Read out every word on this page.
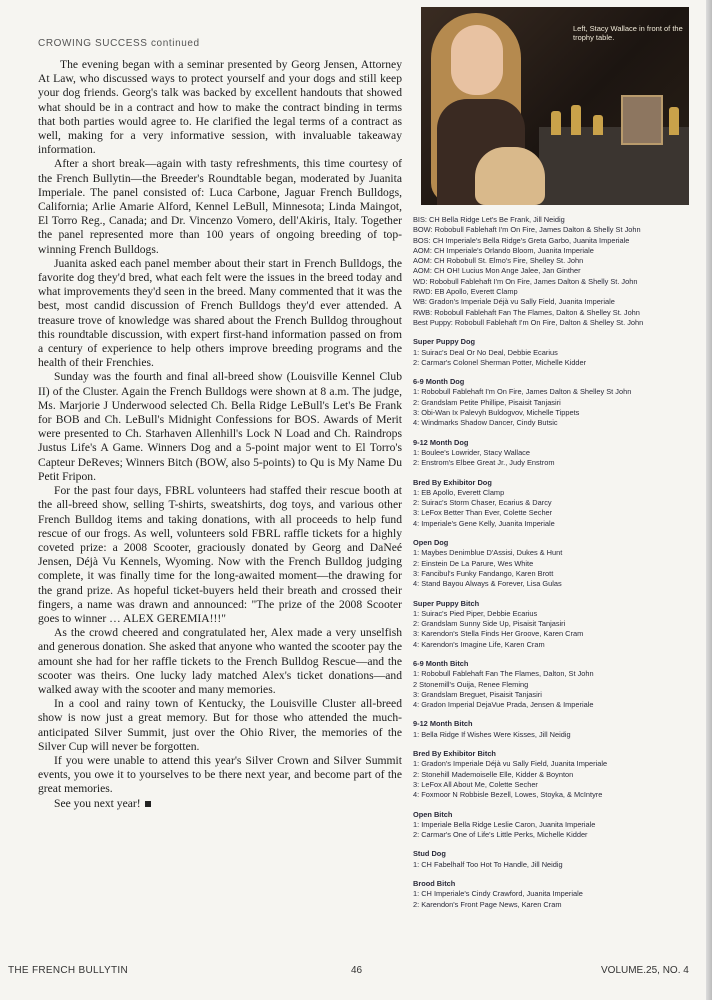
CROWING SUCCESS continued

The evening began with a seminar presented by Georg Jensen, Attorney At Law, who discussed ways to protect yourself and your dogs and still keep your dog friends. Georg's talk was backed by excellent handouts that showed what should be in a contract and how to make the contract binding in terms that both parties would agree to. He clarified the legal terms of a contract as well, making for a very informative session, with invaluable takeaway information.

After a short break—again with tasty refreshments, this time courtesy of the French Bullytin—the Breeder's Roundtable began, moderated by Juanita Imperiale. The panel consisted of: Luca Carbone, Jaguar French Bulldogs, California; Arlie Amarie Alford, Kennel LeBull, Minnesota; Linda Maingot, El Torro Reg., Canada; and Dr. Vincenzo Vomero, dell'Akiris, Italy. Together the panel represented more than 100 years of ongoing breeding of top-winning French Bulldogs.

Juanita asked each panel member about their start in French Bulldogs, the favorite dog they'd bred, what each felt were the issues in the breed today and what improvements they'd seen in the breed. Many commented that it was the best, most candid discussion of French Bulldogs they'd ever attended. A treasure trove of knowledge was shared about the French Bulldog throughout this roundtable discussion, with expert first-hand information passed on from a century of experience to help others improve breeding programs and the health of their Frenchies.

Sunday was the fourth and final all-breed show (Louisville Kennel Club II) of the Cluster. Again the French Bulldogs were shown at 8 a.m. The judge, Ms. Marjorie J Underwood selected Ch. Bella Ridge LeBull's Let's Be Frank for BOB and Ch. LeBull's Midnight Confessions for BOS. Awards of Merit were presented to Ch. Starhaven Allenhill's Lock N Load and Ch. Raindrops Justus Life's A Game. Winners Dog and a 5-point major went to El Torro's Capteur DeReves; Winners Bitch (BOW, also 5-points) to Qu is My Name Du Petit Fripon.

For the past four days, FBRL volunteers had staffed their rescue booth at the all-breed show, selling T-shirts, sweatshirts, dog toys, and various other French Bulldog items and taking donations, with all proceeds to help fund rescue of our frogs. As well, volunteers sold FBRL raffle tickets for a highly coveted prize: a 2008 Scooter, graciously donated by Georg and DaNeé Jensen, Déjà Vu Kennels, Wyoming. Now with the French Bulldog judging complete, it was finally time for the long-awaited moment—the drawing for the grand prize. As hopeful ticket-buyers held their breath and crossed their fingers, a name was drawn and announced: "The prize of the 2008 Scooter goes to winner … ALEX GEREMIA!!!"

As the crowd cheered and congratulated her, Alex made a very unselfish and generous donation. She asked that anyone who wanted the scooter pay the amount she had for her raffle tickets to the French Bulldog Rescue—and the scooter was theirs. One lucky lady matched Alex's ticket donations—and walked away with the scooter and many memories.

In a cool and rainy town of Kentucky, the Louisville Cluster all-breed show is now just a great memory. But for those who attended the much-anticipated Silver Summit, just over the Ohio River, the memories of the Silver Cup will never be forgotten.

If you were unable to attend this year's Silver Crown and Silver Summit events, you owe it to yourselves to be there next year, and become part of the great memories.

See you next year!

Left, Stacy Wallace in front of the trophy table.
BIS: CH Bella Ridge Let's Be Frank, Jill Neidig
BOW: Robobull Fablehaft I'm On Fire, James Dalton & Shelly St John
BOS: CH Imperiale's Bella Ridge's Greta Garbo, Juanita Imperiale
AOM: CH Imperiale's Orlando Bloom, Juanita Imperiale
AOM: CH Robobull St. Elmo's Fire, Shelley St. John
AOM: CH OH! Lucius Mon Ange Jalee, Jan Ginther
WD: Robobull Fablehaft I'm On Fire, James Dalton & Shelly St. John
RWD: EB Apollo, Everett Clamp
WB: Gradon's Imperiale Déjà vu Sally Field, Juanita Imperiale
RWB: Robobull Fablehaft Fan The Flames, Dalton & Shelley St. John
Best Puppy: Robobull Fablehaft I'm On Fire, Dalton & Shelley St. John
Super Puppy Dog
1: Suirac's Deal Or No Deal, Debbie Ecarius
2: Carmar's Colonel Sherman Potter, Michelle Kidder
6-9 Month Dog
1: Robobull Fablehaft I'm On Fire, James Dalton & Shelley St John
2: Grandslam Petite Phillipe, Pisaisit Tanjasiri
3: Obi-Wan Ix Palevyh Buldogvov, Michelle Tippets
4: Windmarks Shadow Dancer, Cindy Butsic
9-12 Month Dog
1: Boulee's Lowrider, Stacy Wallace
2: Enstrom's Elbee Great Jr., Judy Enstrom
Bred By Exhibitor Dog
1: EB Apollo, Everett Clamp
2: Suirac's Storm Chaser, Ecarius & Darcy
3: LeFox Better Than Ever, Colette Secher
4: Imperiale's Gene Kelly, Juanita Imperiale
Open Dog
1: Maybes Denimblue D'Assisi, Dukes & Hunt
2: Einstein De La Parure, Wes White
3: Fancibul's Funky Fandango, Karen Brott
4: Stand Bayou Always & Forever, Lisa Gulas
Super Puppy Bitch
1: Suirac's Pied Piper, Debbie Ecarius
2: Grandslam Sunny Side Up, Pisaisit Tanjasiri
3: Karendon's Stella Finds Her Groove, Karen Cram
4: Karendon's Imagine Life, Karen Cram
6-9 Month Bitch
1: Robobull Fablehaft Fan The Flames, Dalton, St John
2 Stonemill's Ouija, Renee Fleming
3: Grandslam Breguet, Pisaisit Tanjasiri
4: Gradon Imperial DejaVue Prada, Jensen & Imperiale
9-12 Month Bitch
1: Bella Ridge If Wishes Were Kisses, Jill Neidig
Bred By Exhibitor Bitch
1: Gradon's Imperiale Déjà vu Sally Field, Juanita Imperiale
2: Stonehill Mademoiselle Elle, Kidder & Boynton
3: LeFox All About Me, Colette Secher
4: Foxmoor N Robbisle Bezell, Lowes, Stoyka, & McIntyre
Open Bitch
1: Imperiale Bella Ridge Leslie Caron, Juanita Imperiale
2: Carmar's One of Life's Little Perks, Michelle Kidder
Stud Dog
1: CH Fabelhalf Too Hot To Handle, Jill Neidig
Brood Bitch
1: CH Imperiale's Cindy Crawford, Juanita Imperiale
2: Karendon's Front Page News, Karen Cram
THE FRENCH BULLYTIN	46	VOLUME.25, NO. 4
